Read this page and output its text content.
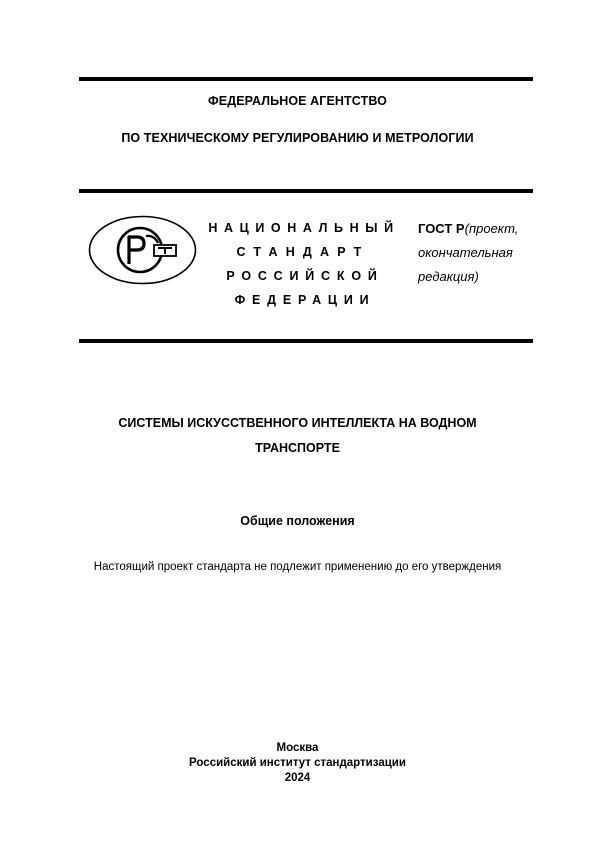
ФЕДЕРАЛЬНОЕ АГЕНТСТВО
ПО ТЕХНИЧЕСКОМУ РЕГУЛИРОВАНИЮ И МЕТРОЛОГИИ
НАЦИОНАЛЬНЫЙ
СТАНДАРТ
РОССИЙСКОЙ
ФЕДЕРАЦИИ
ГОСТ Р(проект,
окончательная
редакция)
СИСТЕМЫ ИСКУССТВЕННОГО ИНТЕЛЛЕКТА НА ВОДНОМ
ТРАНСПОРТЕ
Общие положения
Настоящий проект стандарта не подлежит применению до его утверждения
Москва
Российский институт стандартизации
2024
